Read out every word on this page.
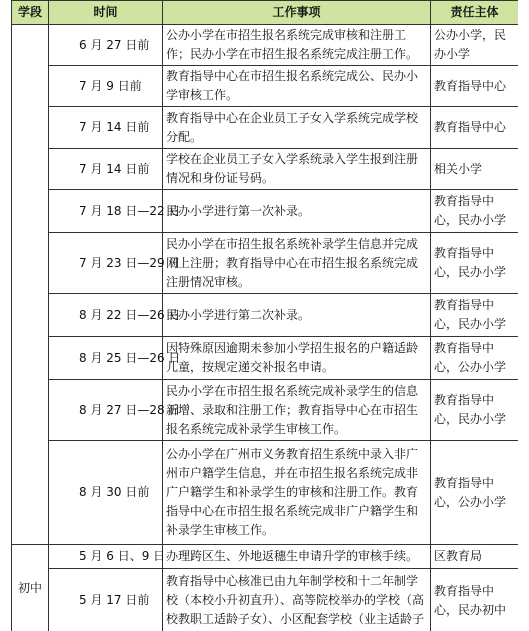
学段	时间	工作事项	责任主体
	6 月 27 日前	公办小学在市招生报名系统完成审核和注册工作；民办小学在市招生报名系统完成注册工作。	公办小学，民办小学
	7 月 9 日前	教育指导中心在市招生报名系统完成公、民办小学审核工作。	教育指导中心
	7 月 14 日前	教育指导中心在企业员工子女入学系统完成学校分配。	教育指导中心
	7 月 14 日前	学校在企业员工子女入学系统录入学生报到注册情况和身份证号码。	相关小学
	7 月 18 日—22 日	民办小学进行第一次补录。	教育指导中心，民办小学
	7 月 23 日—29 日	民办小学在市招生报名系统补录学生信息并完成网上注册；教育指导中心在市招生报名系统完成注册情况审核。	教育指导中心，民办小学
	8 月 22 日—26 日	民办小学进行第二次补录。	教育指导中心，民办小学
	8 月 25 日—26 日	因特殊原因逾期未参加小学招生报名的户籍适龄儿童，按规定递交补报名申请。	教育指导中心，公办小学
	8 月 27 日—28 日	民办小学在市招生报名系统完成补录学生的信息新增、录取和注册工作；教育指导中心在市招生报名系统完成补录学生审核工作。	教育指导中心，民办小学
	8 月 30 日前	公办小学在广州市义务教育招生系统中录入非广州市户籍学生信息，并在市招生报名系统完成非广户籍学生和补录学生的审核和注册工作。教育指导中心在市招生报名系统完成非广户籍学生和补录学生审核工作。	教育指导中心，公办小学
初中	5 月 6 日、9 日	办理跨区生、外地返穗生申请升学的审核手续。	区教育局
	5 月 17 日前	教育指导中心核准已由九年制学校和十二年制学校（本校小升初直升）、高等院校举办的学校（高校教职工适龄子女）、小区配套学校（业主适龄子	教育指导中心，民办初中
